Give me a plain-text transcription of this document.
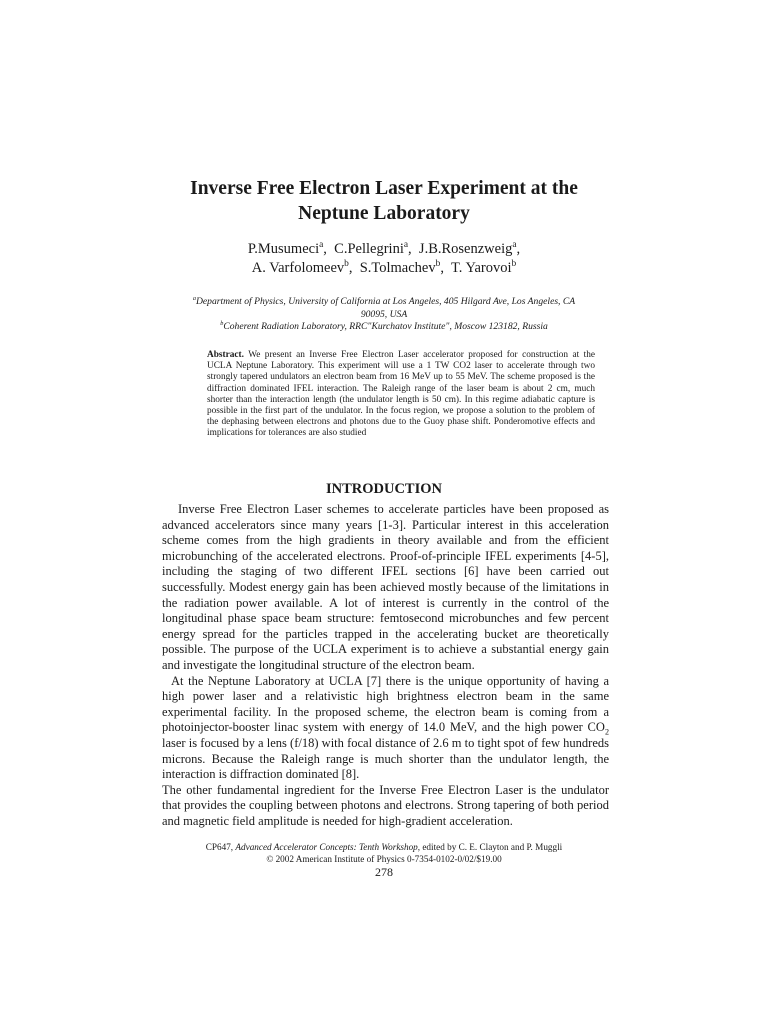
Inverse Free Electron Laser Experiment at the
Neptune Laboratory
P.Musumeci$^a$,  C.Pellegrini$^a$,  J.B.Rosenzweig$^a$,
A. Varfolomeev$^b$,  S.Tolmachev$^b$,  T. Yarovoi$^b$
$^a$Department of Physics, University of California at Los Angeles, 405 Hilgard Ave, Los Angeles, CA
90095, USA
$^b$Coherent Radiation Laboratory, RRC"Kurchatov Institute", Moscow 123182, Russia
Abstract. We present an Inverse Free Electron Laser accelerator proposed for construction at the UCLA Neptune Laboratory. This experiment will use a 1 TW CO2 laser to accelerate through two strongly tapered undulators an electron beam from 16 MeV up to 55 MeV. The scheme proposed is the diffraction dominated IFEL interaction. The Raleigh range of the laser beam is about 2 cm, much shorter than the interaction length (the undulator length is 50 cm). In this regime adiabatic capture is possible in the first part of the undulator. In the focus region, we propose a solution to the problem of the dephasing between electrons and photons due to the Guoy phase shift. Ponderomotive effects and implications for tolerances are also studied
INTRODUCTION

Inverse Free Electron Laser schemes to accelerate particles have been proposed as advanced accelerators since many years [1-3]. Particular interest in this acceleration scheme comes from the high gradients in theory available and from the efficient microbunching of the accelerated electrons. Proof-of-principle IFEL experiments [4-5], including the staging of two different IFEL sections [6] have been carried out successfully. Modest energy gain has been achieved mostly because of the limitations in the radiation power available. A lot of interest is currently in the control of the longitudinal phase space beam structure: femtosecond microbunches and few percent energy spread for the particles trapped in the accelerating bucket are theoretically possible. The purpose of the UCLA experiment is to achieve a substantial energy gain and investigate the longitudinal structure of the electron beam.

At the Neptune Laboratory at UCLA [7] there is the unique opportunity of having a high power laser and a relativistic high brightness electron beam in the same experimental facility. In the proposed scheme, the electron beam is coming from a photoinjector-booster linac system with energy of 14.0 MeV, and the high power $CO_2$ laser is focused by a lens (f/18) with focal distance of 2.6 m to tight spot of few hundreds microns. Because the Raleigh range is much shorter than the undulator length, the interaction is diffraction dominated [8].

The other fundamental ingredient for the Inverse Free Electron Laser is the undulator that provides the coupling between photons and electrons. Strong tapering of both period and magnetic field amplitude is needed for high-gradient acceleration.

CP647, Advanced Accelerator Concepts: Tenth Workshop, edited by C. E. Clayton and P. Muggli
© 2002 American Institute of Physics 0-7354-0102-0/02/$19.00
278
